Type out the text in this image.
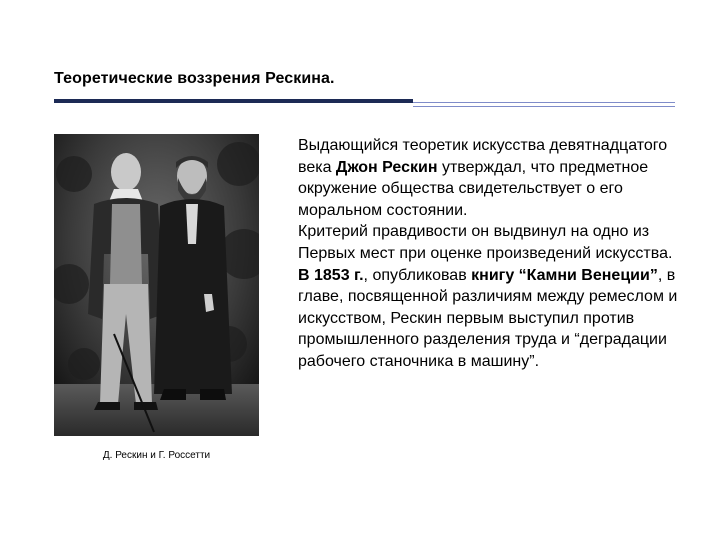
Теоретические воззрения Рескина.
Д. Рескин и Г. Россетти
Выдающийся теоретик искусства девятнадцатого века Джон Рескин утверждал, что предметное окружение общества свидетельствует о его моральном состоянии.
Критерий правдивости он выдвинул на одно из Первых мест при оценке произведений искусства. В 1853 г., опубликовав книгу “Камни Венеции”, в главе, посвященной различиям между ремеслом и искусством, Рескин первым выступил против промышленного разделения труда и “деградации рабочего станочника в машину”.
